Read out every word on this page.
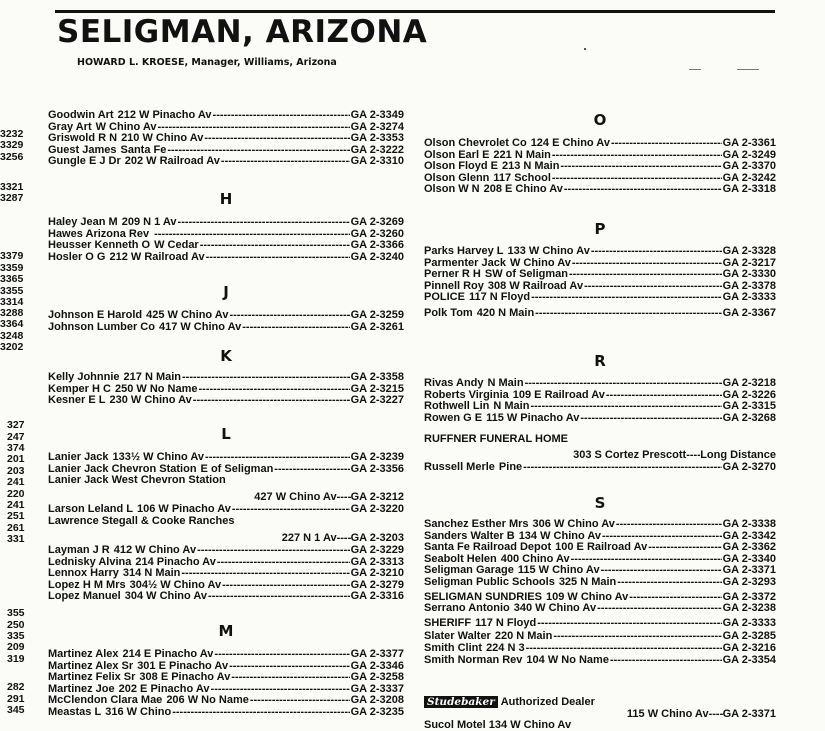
SELIGMAN, ARIZONA
HOWARD L. KROESE, Manager, Williams, Arizona
3232
3329
3256
3321
3287
3379
3359
3365
3355
3314
3288
3364
3248
3202
327
247
374
201
203
241
220
241
251
261
331
355
250
335
209
319
282
291
345
Goodwin Art 212 W Pinacho Av -----	GA 2-3349
Gray Art W Chino Av -----	GA 2-3274
Griswold R N 210 W Chino Av -----	GA 2-3353
Guest James Santa Fe -----	GA 2-3222
Gungle E J Dr 202 W Railroad Av -----	GA 2-3310
H
Haley Jean M 209 N 1 Av -----	GA 2-3269
Hawes Arizona Rev -----	GA 2-3260
Heusser Kenneth O W Cedar -----	GA 2-3366
Hosler O G 212 W Railroad Av -----	GA 2-3240
J
Johnson E Harold 425 W Chino Av -----	GA 2-3259
Johnson Lumber Co 417 W Chino Av -----	GA 2-3261
K
Kelly Johnnie 217 N Main -----	GA 2-3358
Kemper H C 250 W No Name -----	GA 2-3215
Kesner E L 230 W Chino Av -----	GA 2-3227
L
Lanier Jack 133½ W Chino Av -----	GA 2-3239
Lanier Jack Chevron Station E of Seligman -----	GA 2-3356
Lanier Jack West Chevron Station
427 W Chino Av -------- GA 2-3212
Larson Leland L 106 W Pinacho Av -----	GA 2-3220
Lawrence Stegall & Cooke Ranches
227 N 1 Av -------- GA 2-3203
Layman J R 412 W Chino Av -----	GA 2-3229
Lednisky Alvina 214 Pinacho Av -----	GA 2-3313
Lennox Harry 314 N Main -----	GA 2-3210
Lopez H M Mrs 304½ W Chino Av -----	GA 2-3279
Lopez Manuel 304 W Chino Av -----	GA 2-3316
M
Martinez Alex 214 E Pinacho Av -----	GA 2-3377
Martinez Alex Sr 301 E Pinacho Av -----	GA 2-3346
Martinez Felix Sr 308 E Pinacho Av -----	GA 2-3258
Martinez Joe 202 E Pinacho Av -----	GA 2-3337
McClendon Clara Mae 206 W No Name -----	GA 2-3208
Meastas L 316 W Chino -----	GA 2-3235
O
Olson Chevrolet Co 124 E Chino Av -----	GA 2-3361
Olson Earl E 221 N Main -----	GA 2-3249
Olson Floyd E 213 N Main -----	GA 2-3370
Olson Glenn 117 School -----	GA 2-3242
Olson W N 208 E Chino Av -----	GA 2-3318
P
Parks Harvey L 133 W Chino Av -----	GA 2-3328
Parmenter Jack W Chino Av -----	GA 2-3217
Perner R H SW of Seligman -----	GA 2-3330
Pinnell Roy 308 W Railroad Av -----	GA 2-3378
POLICE 117 N Floyd -----	GA 2-3333
Polk Tom 420 N Main -----	GA 2-3367
R
Rivas Andy N Main -----	GA 2-3218
Roberts Virginia 109 E Railroad Av -----	GA 2-3226
Rothwell Lin N Main -----	GA 2-3315
Rowen G E 115 W Pinacho Av -----	GA 2-3268
RUFFNER FUNERAL HOME
303 S Cortez Prescott -------- Long Distance
Russell Merle Pine -----	GA 2-3270
S
Sanchez Esther Mrs 306 W Chino Av -----	GA 2-3338
Sanders Walter B 134 W Chino Av -----	GA 2-3342
Santa Fe Railroad Depot 100 E Railroad Av -----	GA 2-3362
Seabolt Helen 400 Chino Av -----	GA 2-3340
Seligman Garage 115 W Chino Av -----	GA 2-3371
Seligman Public Schools 325 N Main -----	GA 2-3293
SELIGMAN SUNDRIES 109 W Chino Av -----	GA 2-3372
Serrano Antonio 340 W Chino Av -----	GA 2-3238
SHERIFF 117 N Floyd -----	GA 2-3333
Slater Walter 220 N Main -----	GA 2-3285
Smith Clint 224 N 3 -----	GA 2-3216
Smith Norman Rev 104 W No Name -----	GA 2-3354
Studebaker Authorized Dealer
115 W Chino Av -------- GA 2-3371
Sucol Motel 134 W Chino Av
